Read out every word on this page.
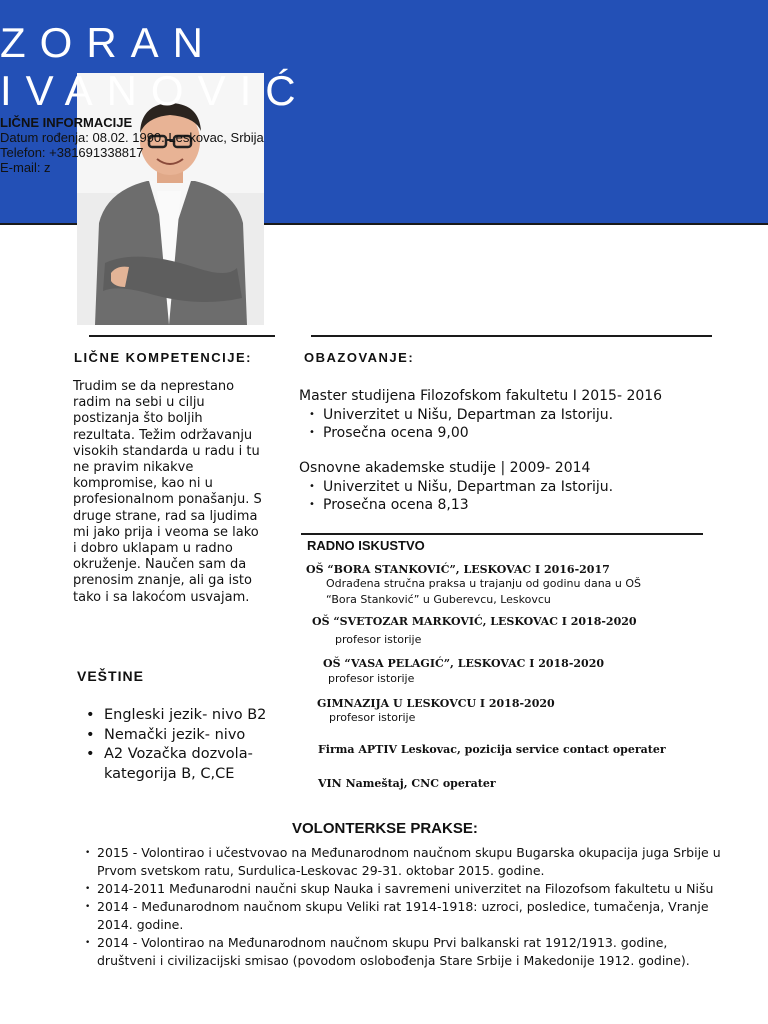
ZORAN
IVANOVIĆ
LIČNE INFORMACIJE
Datum rođenja: 08.02. 1990. Leskovac, Srbija
Telefon: +381691338817
E-mail: z
LIČNE KOMPETENCIJE:
Trudim se da neprestano radim na sebi u cilju postizanja što boljih rezultata. Težim održavanju visokih standarda u radu i tu ne pravim nikakve kompromise, kao ni u profesionalnom ponašanju. S druge strane, rad sa ljudima mi jako prija i veoma se lako i dobro uklapam u radno okruženje. Naučen sam da prenosim znanje, ali ga isto tako i sa lakoćom usvajam.
VEŠTINE
• Engleski jezik- nivo B2
• Nemački jezik- nivo
• A2 Vozačka dozvola- kategorija B, C,CE
OBAZOVANJE:
Master studijena Filozofskom fakultetu I 2015- 2016
• Univerzitet u Nišu, Departman za Istoriju.
• Prosečna ocena 9,00
Osnovne akademske studije | 2009- 2014
• Univerzitet u Nišu, Departman za Istoriju.
• Prosečna ocena 8,13
RADNO ISKUSTVO
OŠ “BORA STANKOVIĆ”, LESKOVAC I 2016-2017
Odrađena stručna praksa u trajanju od godinu dana u OŠ
“Bora Stanković” u Guberevcu, Leskovcu
OŠ “SVETOZAR MARKOVIĆ, LESKOVAC I 2018-2020
profesor istorije
OŠ “VASA PELAGIĆ”, LESKOVAC I 2018-2020
profesor istorije
GIMNAZIJA U LESKOVCU I 2018-2020
profesor istorije
Firma APTIV Leskovac, pozicija service contact operater
VIN Nameštaj, CNC operater
VOLONTERKSE PRAKSE:
• 2015 - Volontirao i učestvovao na Međunarodnom naučnom skupu Bugarska okupacija juga Srbije u Prvom svetskom ratu, Surdulica-Leskovac 29-31. oktobar 2015. godine.
• 2014-2011 Međunarodni naučni skup Nauka i savremeni univerzitet na Filozofsom fakultetu u Nišu
• 2014 - Međunarodnom naučnom skupu Veliki rat 1914-1918: uzroci, posledice, tumačenja, Vranje 2014. godine.
• 2014 - Volontirao na Međunarodnom naučnom skupu Prvi balkanski rat 1912/1913. godine, društveni i civilizacijski smisao (povodom oslobođenja Stare Srbije i Makedonije 1912. godine).
